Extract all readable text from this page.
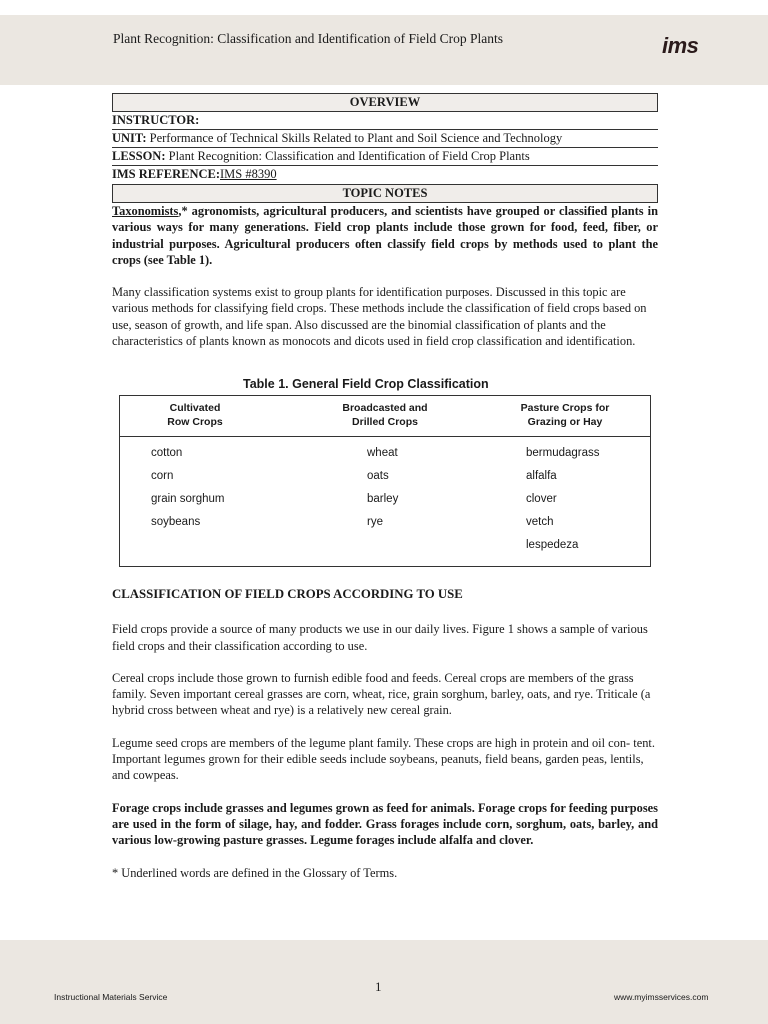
Plant Recognition: Classification and Identification of Field Crop Plants	ims
OVERVIEW
INSTRUCTOR:
UNIT: Performance of Technical Skills Related to Plant and Soil Science and Technology
LESSON: Plant Recognition: Classification and Identification of Field Crop Plants
IMS REFERENCE:IMS #8390
TOPIC NOTES

Taxonomists,* agronomists, agricultural producers, and scientists have grouped or classified plants in various ways for many generations. Field crop plants include those grown for food, feed, fiber, or industrial purposes. Agricultural producers often classify field crops by methods used to plant the crops (see Table 1).

Many classification systems exist to group plants for identification purposes. Discussed in this topic are various methods for classifying field crops. These methods include the classification of field crops based on use, season of growth, and life span. Also discussed are the binomial classification of plants and the characteristics of plants known as monocots and dicots used in field crop classification and identification.

Table 1. General Field Crop Classification
Cultivated
Row Crops
Broadcasted and
Drilled Crops
Pasture Crops for
Grazing or Hay
cotton
corn
grain sorghum
soybeans
wheat
oats
barley
rye
bermudagrass
alfalfa
clover
vetch
lespedeza

CLASSIFICATION OF FIELD CROPS ACCORDING TO USE

Field crops provide a source of many products we use in our daily lives. Figure 1 shows a sample of various field crops and their classification according to use.

Cereal crops include those grown to furnish edible food and feeds. Cereal crops are members of the grass family. Seven important cereal grasses are corn, wheat, rice, grain sorghum, barley, oats, and rye. Triticale (a hybrid cross between wheat and rye) is a relatively new cereal grain.

Legume seed crops are members of the legume plant family. These crops are high in protein and oil con- tent. Important legumes grown for their edible seeds include soybeans, peanuts, field beans, garden peas, lentils, and cowpeas.

Forage crops include grasses and legumes grown as feed for animals. Forage crops for feeding purposes are used in the form of silage, hay, and fodder. Grass forages include corn, sorghum, oats, barley, and various low-growing pasture grasses. Legume forages include alfalfa and clover.

* Underlined words are defined in the Glossary of Terms.

1
Instructional Materials Service	www.myimsservices.com
